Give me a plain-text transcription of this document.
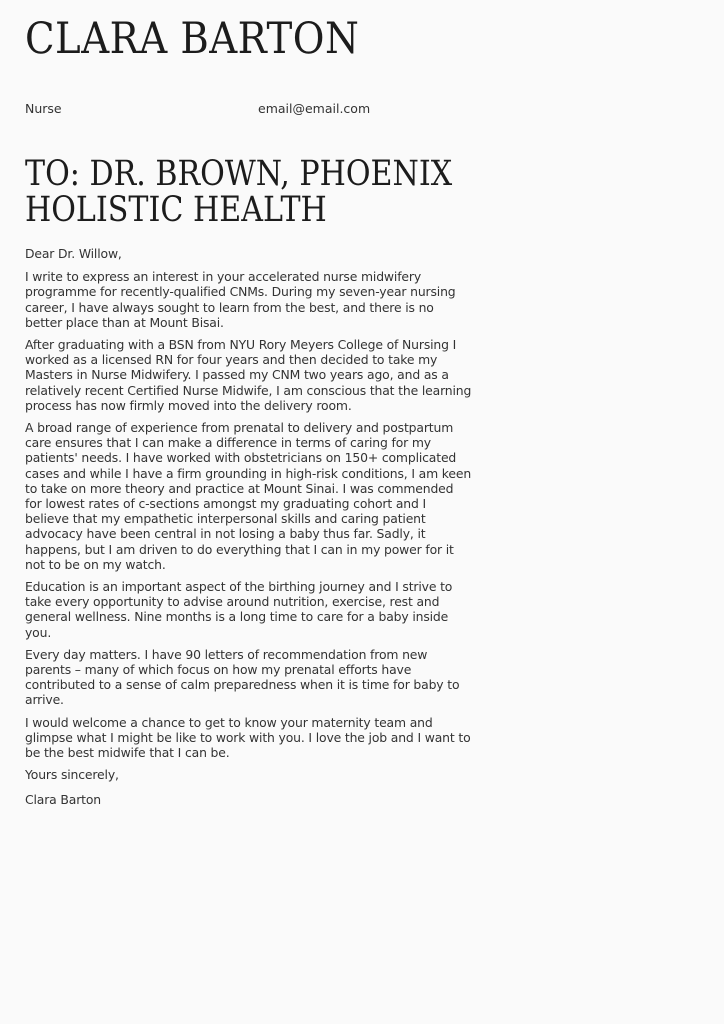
CLARA BARTON
Nurse	email@email.com
TO: DR. BROWN, PHOENIX HOLISTIC HEALTH

Dear Dr. Willow,

I write to express an interest in your accelerated nurse midwifery programme for recently-qualified CNMs. During my seven-year nursing career, I have always sought to learn from the best, and there is no better place than at Mount Bisai.

After graduating with a BSN from NYU Rory Meyers College of Nursing I worked as a licensed RN for four years and then decided to take my Masters in Nurse Midwifery. I passed my CNM two years ago, and as a relatively recent Certified Nurse Midwife, I am conscious that the learning process has now firmly moved into the delivery room.

A broad range of experience from prenatal to delivery and postpartum care ensures that I can make a difference in terms of caring for my patients' needs. I have worked with obstetricians on 150+ complicated cases and while I have a firm grounding in high-risk conditions, I am keen to take on more theory and practice at Mount Sinai. I was commended for lowest rates of c-sections amongst my graduating cohort and I believe that my empathetic interpersonal skills and caring patient advocacy have been central in not losing a baby thus far. Sadly, it happens, but I am driven to do everything that I can in my power for it not to be on my watch.

Education is an important aspect of the birthing journey and I strive to take every opportunity to advise around nutrition, exercise, rest and general wellness. Nine months is a long time to care for a baby inside you.

Every day matters. I have 90 letters of recommendation from new parents – many of which focus on how my prenatal efforts have contributed to a sense of calm preparedness when it is time for baby to arrive.

I would welcome a chance to get to know your maternity team and glimpse what I might be like to work with you. I love the job and I want to be the best midwife that I can be.

Yours sincerely,

Clara Barton
